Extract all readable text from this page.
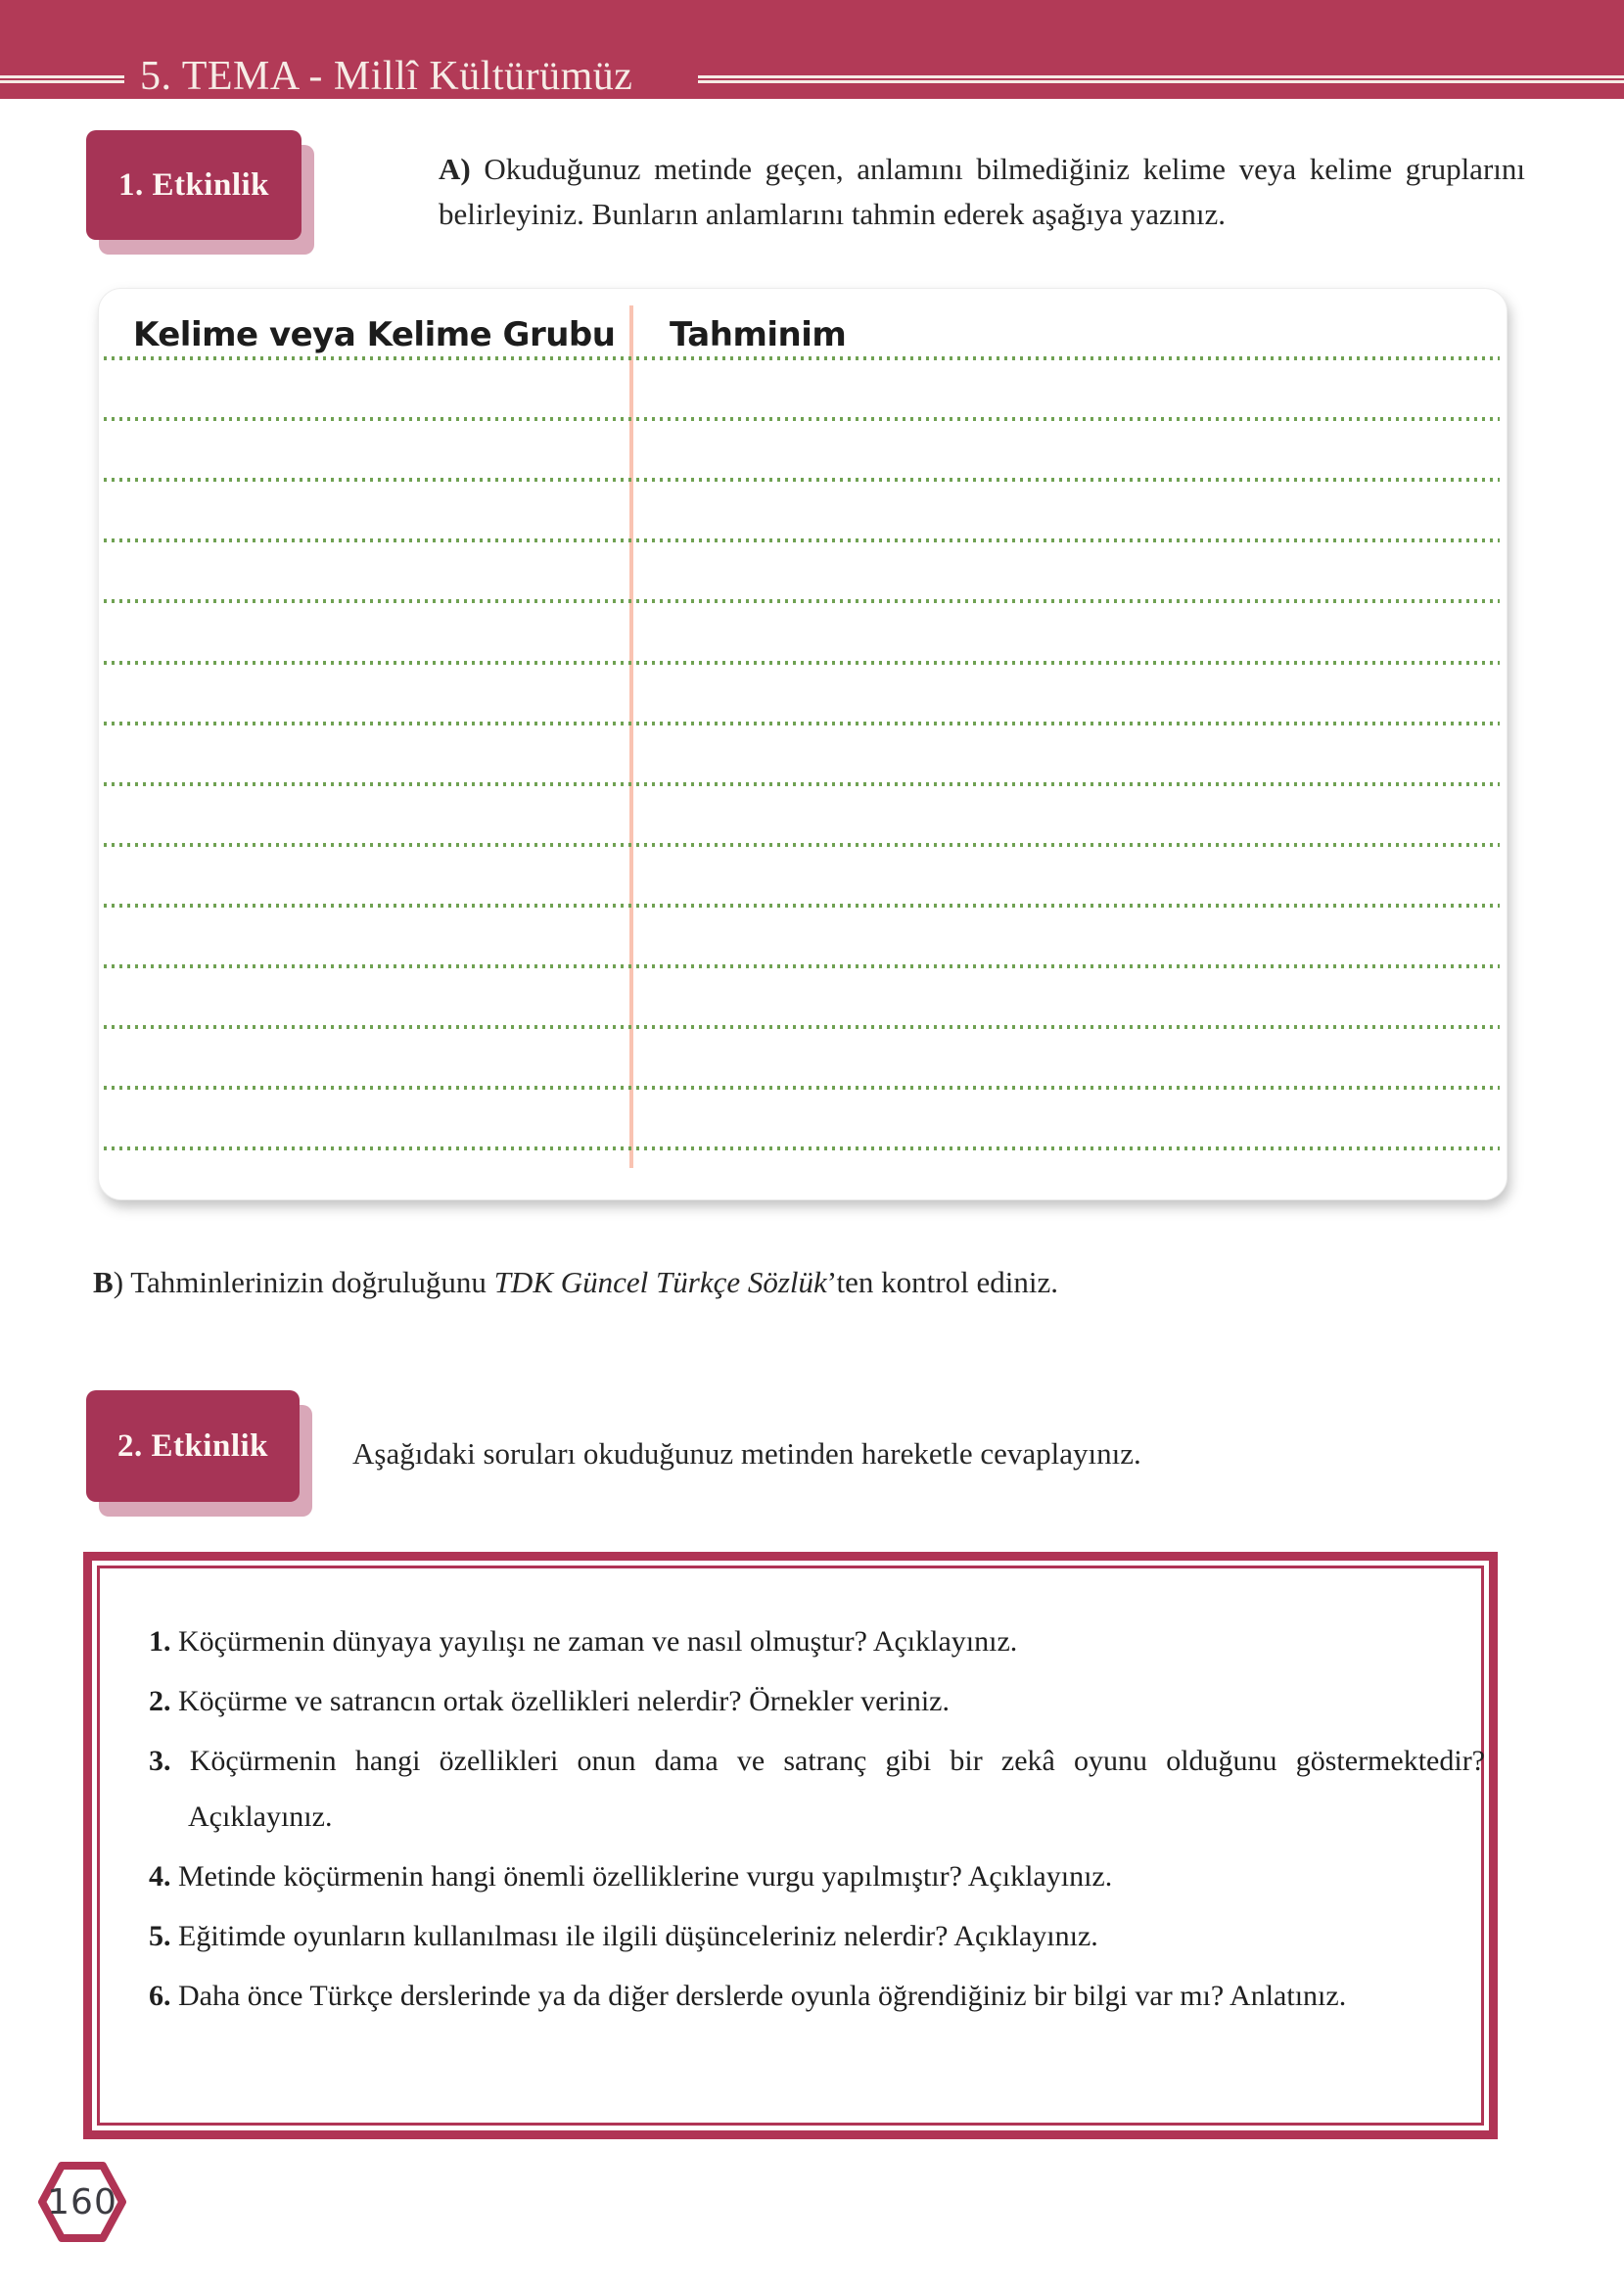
5. TEMA - Millî Kültürümüz
1. Etkinlik	A) Okuduğunuz metinde geçen, anlamını bilmediğiniz kelime veya kelime gruplarını belirleyiniz. Bunların anlamlarını tahmin ederek aşağıya yazınız.

Kelime veya Kelime Grubu Tahminim

B) Tahminlerinizin doğruluğunu TDK Güncel Türkçe Sözlük’ten kontrol ediniz.

2. Etkinlik	Aşağıdaki soruları okuduğunuz metinden hareketle cevaplayınız.

1. Köçürmenin dünyaya yayılışı ne zaman ve nasıl olmuştur? Açıklayınız.

2. Köçürme ve satrancın ortak özellikleri nelerdir? Örnekler veriniz.

3. Köçürmenin hangi özellikleri onun dama ve satranç gibi bir zekâ oyunu olduğunu göstermektedir? Açıklayınız.

4. Metinde köçürmenin hangi önemli özelliklerine vurgu yapılmıştır? Açıklayınız.

5. Eğitimde oyunların kullanılması ile ilgili düşünceleriniz nelerdir? Açıklayınız.

6. Daha önce Türkçe derslerinde ya da diğer derslerde oyunla öğrendiğiniz bir bilgi var mı? Anlatınız.

160
